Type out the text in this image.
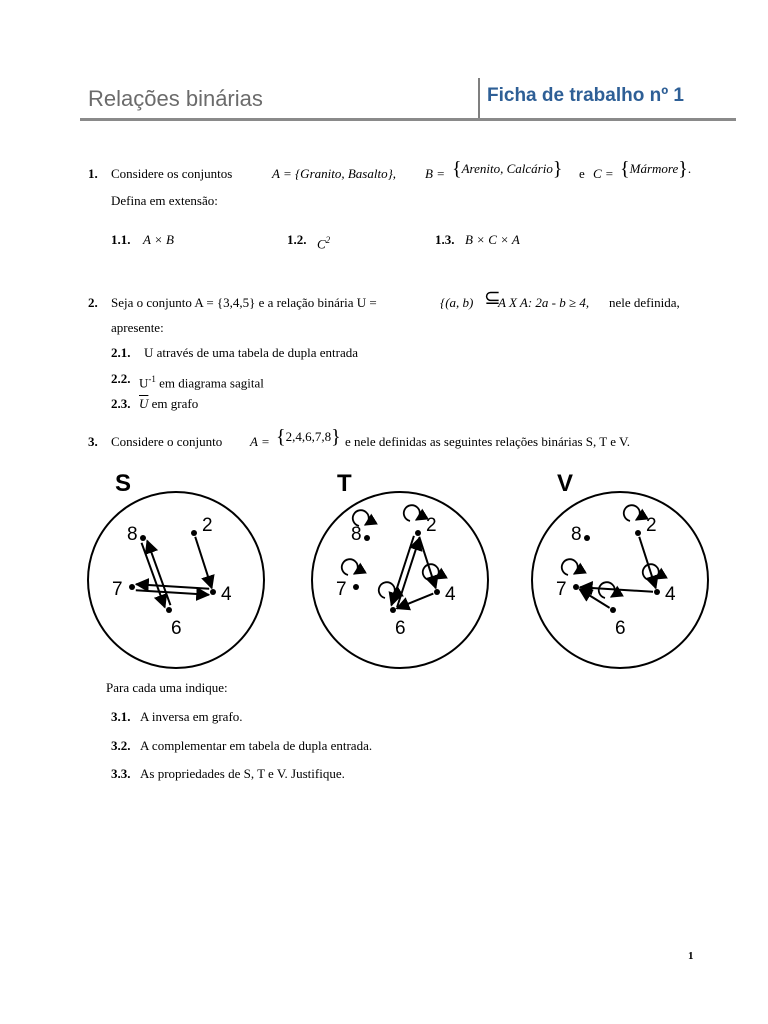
Relações binárias	Ficha de trabalho nº 1
1. Considere os conjuntos	A = {Granito, Basalto}, B = {Arenito, Calcário} e C = {Mármore}.
Defina em extensão:
1.1. A × B	1.2. $C^2$	1.3. B × C × A
2. Seja o conjunto A = {3,4,5} e a relação binária U =	{(a, b) ⊆
A X A: 2a - b ≥ 4, nele definida,
apresente:
2.1. U através de uma tabela de dupla entrada
2.2. $U^{-1}$ em diagrama sagital
2.3. $\overline{U}$ em grafo
3. Considere o conjunto A = {2,4,6,7,8} e nele definidas as seguintes relações binárias S, T e V.
S	T	V
8	2
7	4
6
8	2
7	4
6
8	2
7	4
6
Para cada uma indique:
3.1. A inversa em grafo.
3.2. A complementar em tabela de dupla entrada.
3.3. As propriedades de S, T e V. Justifique.
1
